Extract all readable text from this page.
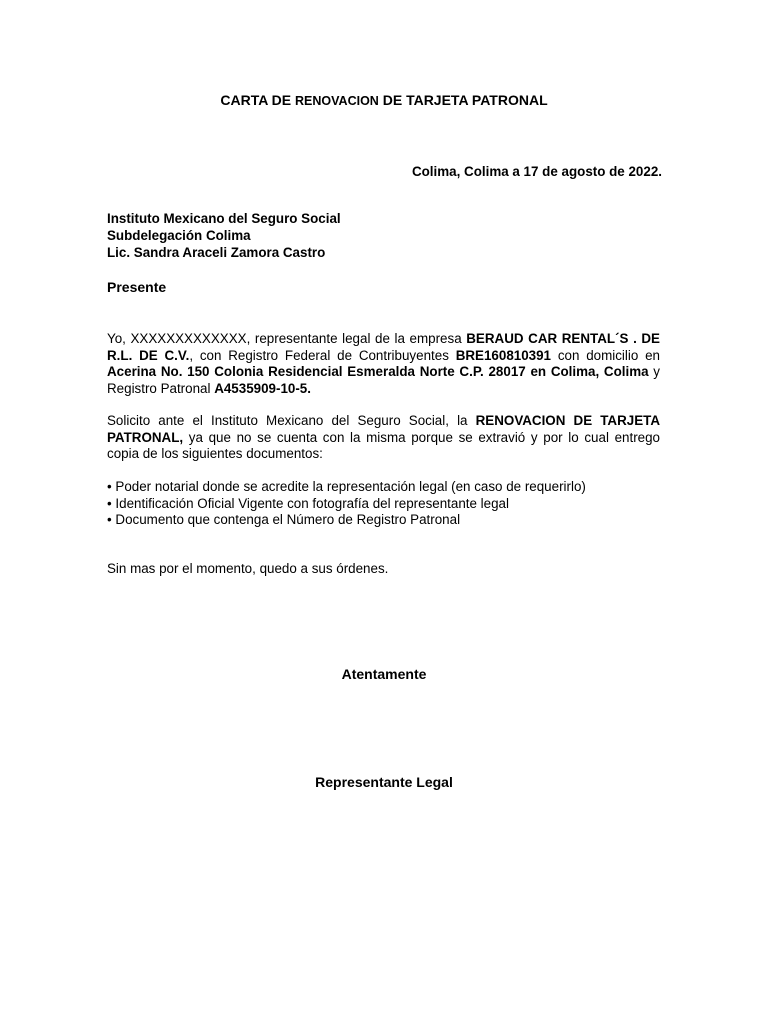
CARTA DE RENOVACION DE TARJETA PATRONAL
Colima, Colima a 17 de agosto de 2022.
Instituto Mexicano del Seguro Social
Subdelegación Colima
Lic. Sandra Araceli Zamora Castro
Presente
Yo, XXXXXXXXXXXXX, representante legal de la empresa BERAUD CAR RENTAL´S . DE R.L. DE C.V., con Registro Federal de Contribuyentes BRE160810391 con domicilio en Acerina No. 150 Colonia Residencial Esmeralda Norte C.P. 28017 en Colima, Colima y Registro Patronal A4535909-10-5.
Solicito ante el Instituto Mexicano del Seguro Social, la RENOVACION DE TARJETA PATRONAL, ya que no se cuenta con la misma porque se extravió y por lo cual entrego copia de los siguientes documentos:
• Poder notarial donde se acredite la representación legal (en caso de requerirlo)
• Identificación Oficial Vigente con fotografía del representante legal
• Documento que contenga el Número de Registro Patronal
Sin mas por el momento, quedo a sus órdenes.
Atentamente
Representante Legal
